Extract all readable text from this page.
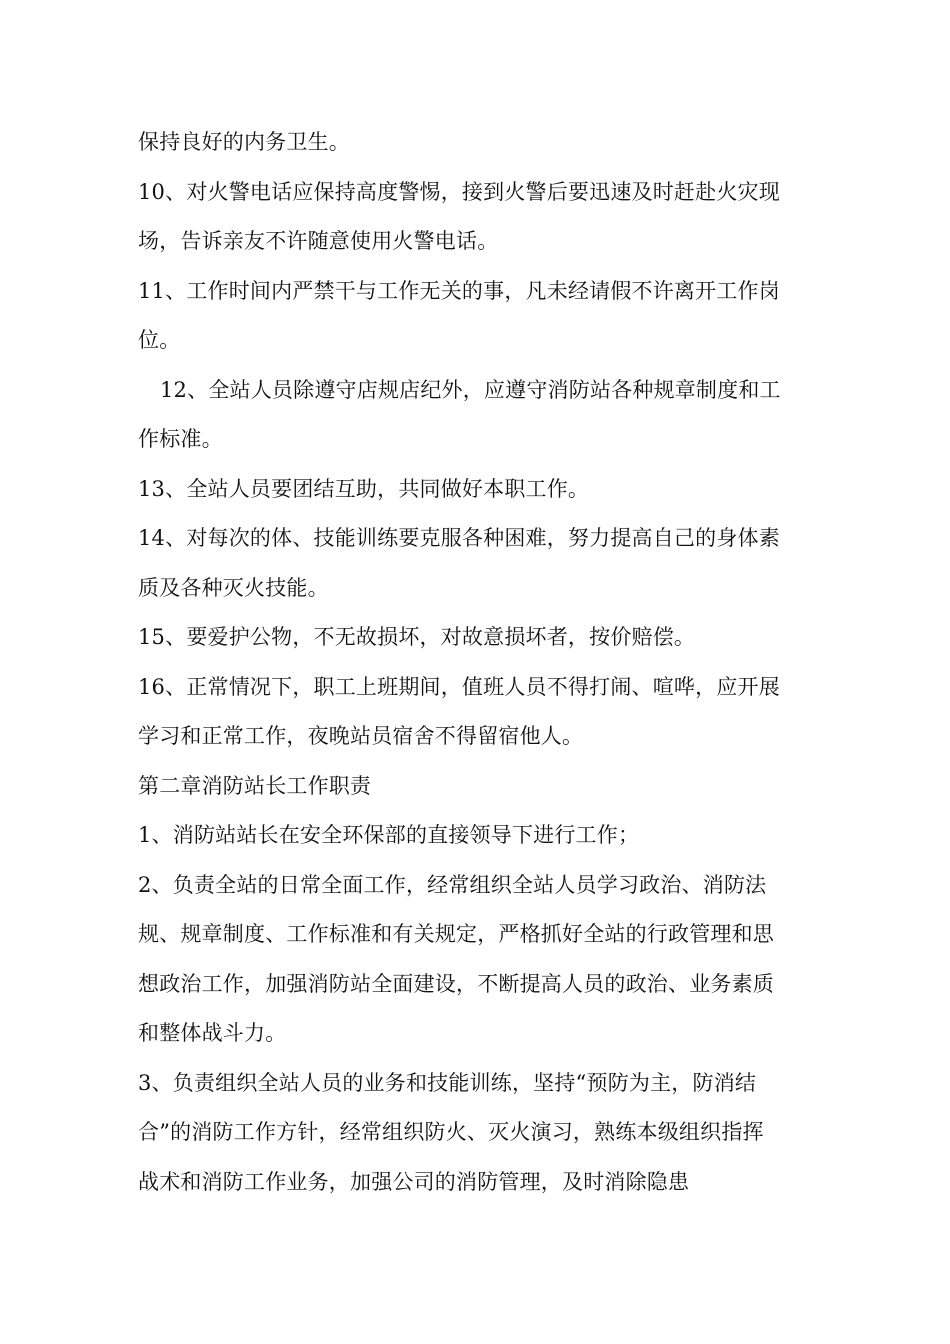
保持良好的内务卫生。
10、对火警电话应保持高度警惕，接到火警后要迅速及时赶赴火灾现
场，告诉亲友不许随意使用火警电话。
11、工作时间内严禁干与工作无关的事，凡未经请假不许离开工作岗
位。
12、全站人员除遵守店规店纪外，应遵守消防站各种规章制度和工
作标准。
13、全站人员要团结互助，共同做好本职工作。
14、对每次的体、技能训练要克服各种困难，努力提高自己的身体素
质及各种灭火技能。
15、要爱护公物，不无故损坏，对故意损坏者，按价赔偿。
16、正常情况下，职工上班期间，值班人员不得打闹、喧哗，应开展
学习和正常工作，夜晚站员宿舍不得留宿他人。
第二章消防站长工作职责
1、消防站站长在安全环保部的直接领导下进行工作；
2、负责全站的日常全面工作，经常组织全站人员学习政治、消防法
规、规章制度、工作标准和有关规定，严格抓好全站的行政管理和思
想政治工作，加强消防站全面建设，不断提高人员的政治、业务素质
和整体战斗力。
3、负责组织全站人员的业务和技能训练，坚持“预防为主，防消结
合”的消防工作方针，经常组织防火、灭火演习，熟练本级组织指挥
战术和消防工作业务，加强公司的消防管理，及时消除隐患
